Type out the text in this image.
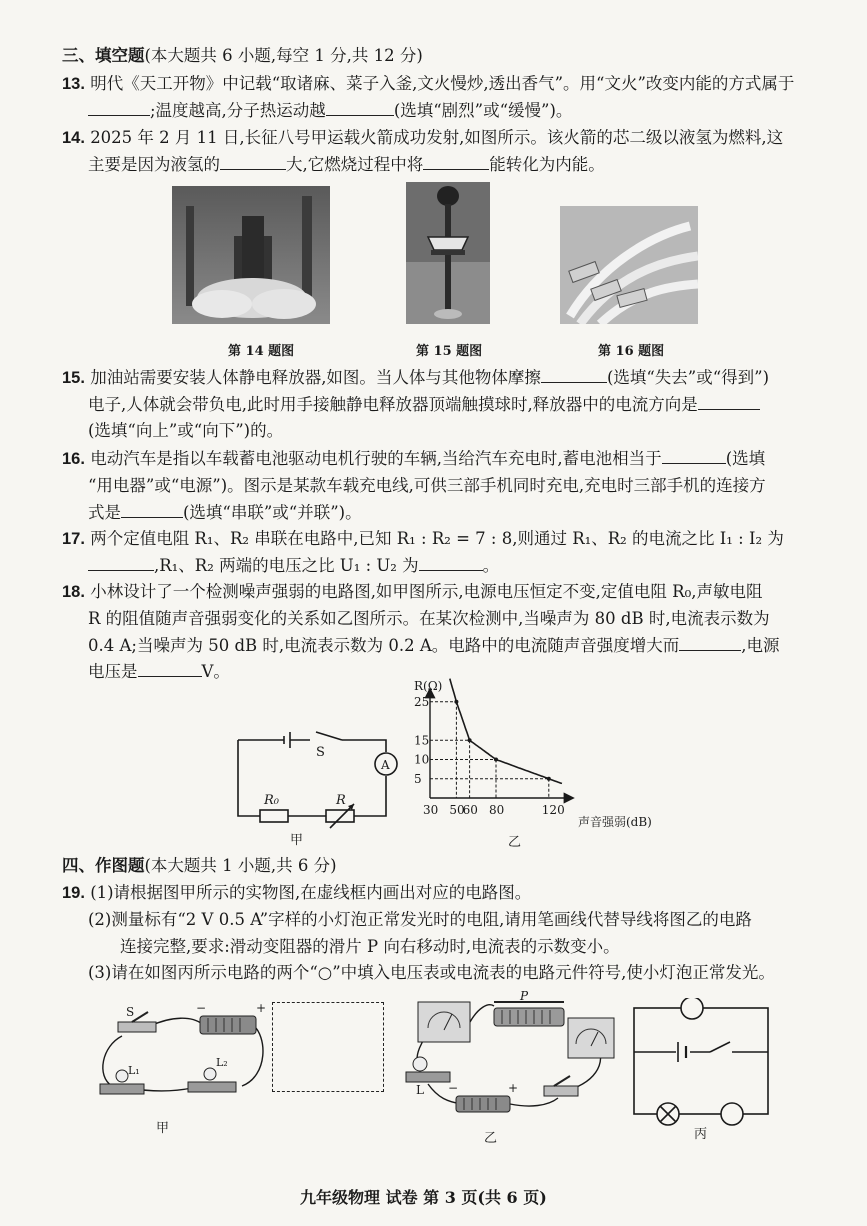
三、填空题(本大题共 6 小题,每空 1 分,共 12 分)
13. 明代《天工开物》中记载“取诸麻、菜子入釜,文火慢炒,透出香气”。用“文火”改变内能的方式属于
;温度越高,分子热运动越	(选填“剧烈”或“缓慢”)。
14. 2025 年 2 月 11 日,长征八号甲运载火箭成功发射,如图所示。该火箭的芯二级以液氢为燃料,这
主要是因为液氢的	大,它燃烧过程中将	能转化为内能。
第 14 题图	第 15 题图	第 16 题图
15. 加油站需要安装人体静电释放器,如图。当人体与其他物体摩擦	(选填“失去”或“得到”)
电子,人体就会带负电,此时用手接触静电释放器顶端触摸球时,释放器中的电流方向是
(选填“向上”或“向下”)的。
16. 电动汽车是指以车载蓄电池驱动电机行驶的车辆,当给汽车充电时,蓄电池相当于	(选填
“用电器”或“电源”)。图示是某款车载充电线,可供三部手机同时充电,充电时三部手机的连接方
式是	(选填“串联”或“并联”)。
17. 两个定值电阻 R₁、R₂ 串联在电路中,已知 R₁ : R₂ = 7 : 8,则通过 R₁、R₂ 的电流之比 I₁ : I₂ 为
,R₁、R₂ 两端的电压之比 U₁ : U₂ 为	。
18. 小林设计了一个检测噪声强弱的电路图,如甲图所示,电源电压恒定不变,定值电阻 R₀,声敏电阻
R 的阻值随声音强弱变化的关系如乙图所示。在某次检测中,当噪声为 80 dB 时,电流表示数为
0.4 A;当噪声为 50 dB 时,电流表示数为 0.2 A。电路中的电流随声音强度增大而	,电源
电压是	V。
S
A
R₀	R
甲
30 50
60 80	120
5
10
15
25
R(Ω)
声音强弱(dB)
乙
四、作图题(本大题共 1 小题,共 6 分)
19. (1)请根据图甲所示的实物图,在虚线框内画出对应的电路图。
(2)测量标有“2 V 0.5 A”字样的小灯泡正常发光时的电阻,请用笔画线代替导线将图乙的电路
连接完整,要求:滑动变阻器的滑片 P 向右移动时,电流表的示数变小。
(3)请在如图丙所示电路的两个“○”中填入电压表或电流表的电路元件符号,使小灯泡正常发光。
S
L₁
L₂
−	+
甲
P
L −	+
乙	丙
九年级物理 试卷 第 3 页(共 6 页)
